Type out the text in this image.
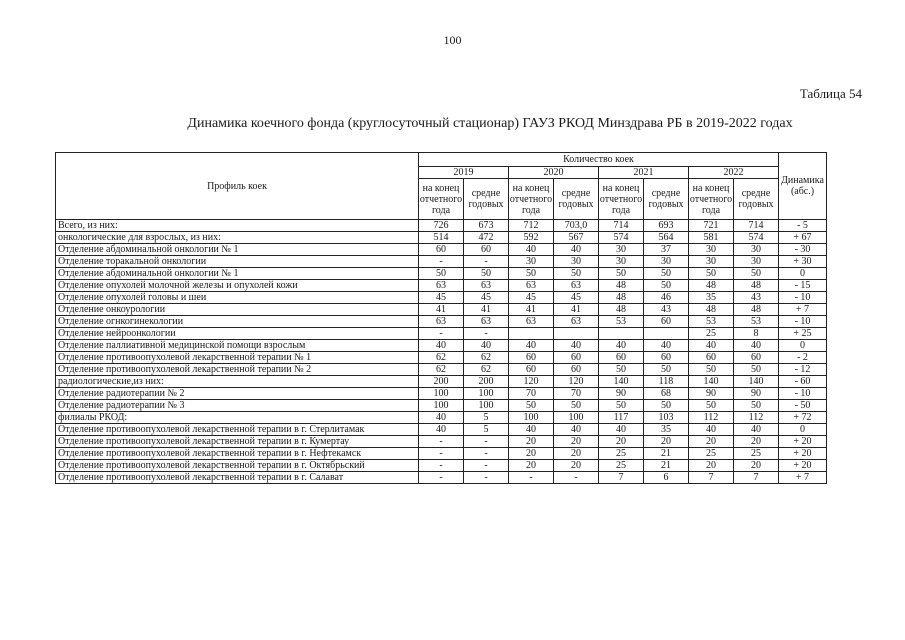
100
Таблица 54
Динамика коечного фонда (круглосуточный стационар) ГАУЗ РКОД Минздрава РБ в 2019-2022 годах
Профиль коек	Количество коек								Динамика (абс.)
	2019		2020		2021		2022		
	на конец отчетного года	средне годовых	на конец отчетного года	средне годовых	на конец отчетного года	средне годовых	на конец отчетного года	средне годовых	
Всего, из них:	726	673	712	703,0	714	693	721	714	- 5
онкологические для взрослых, из них:	514	472	592	567	574	564	581	574	+ 67
Отделение абдоминальной онкологии № 1	60	60	40	40	30	37	30	30	- 30
Отделение торакальной онкологии	-	-	30	30	30	30	30	30	+ 30
Отделение абдоминальной онкологии № 1	50	50	50	50	50	50	50	50	0
Отделение опухолей молочной железы и опухолей кожи	63	63	63	63	48	50	48	48	- 15
Отделение опухолей головы и шеи	45	45	45	45	48	46	35	43	- 10
Отделение онкоурологии	41	41	41	41	48	43	48	48	+ 7
Отделение огнкогинекологии	63	63	63	63	53	60	53	53	- 10
Отделение нейроонкологии	-	-					25	8	+ 25
Отделение паллиативной медицинской помощи взрослым	40	40	40	40	40	40	40	40	0
Отделение противоопухолевой лекарственной терапии № 1	62	62	60	60	60	60	60	60	- 2
Отделение противоопухолевой лекарственной терапии № 2	62	62	60	60	50	50	50	50	- 12
радиологические,из них:	200	200	120	120	140	118	140	140	- 60
Отделение радиотерапии № 2	100	100	70	70	90	68	90	90	- 10
Отделение радиотерапии № 3	100	100	50	50	50	50	50	50	- 50
филиалы РКОД:	40	5	100	100	117	103	112	112	+ 72
Отделение противоопухолевой лекарственной терапии в г. Стерлитамак	40	5	40	40	40	35	40	40	0
Отделение противоопухолевой лекарственной терапии в г. Кумертау	-	-	20	20	20	20	20	20	+ 20
Отделение противоопухолевой лекарственной терапии в г. Нефтекамск	-	-	20	20	25	21	25	25	+ 20
Отделение противоопухолевой лекарственной терапии в г. Октябрьский	-	-	20	20	25	21	20	20	+ 20
Отделение противоопухолевой лекарственной терапии в г. Салават	-	-	-	-	7	6	7	7	+ 7
